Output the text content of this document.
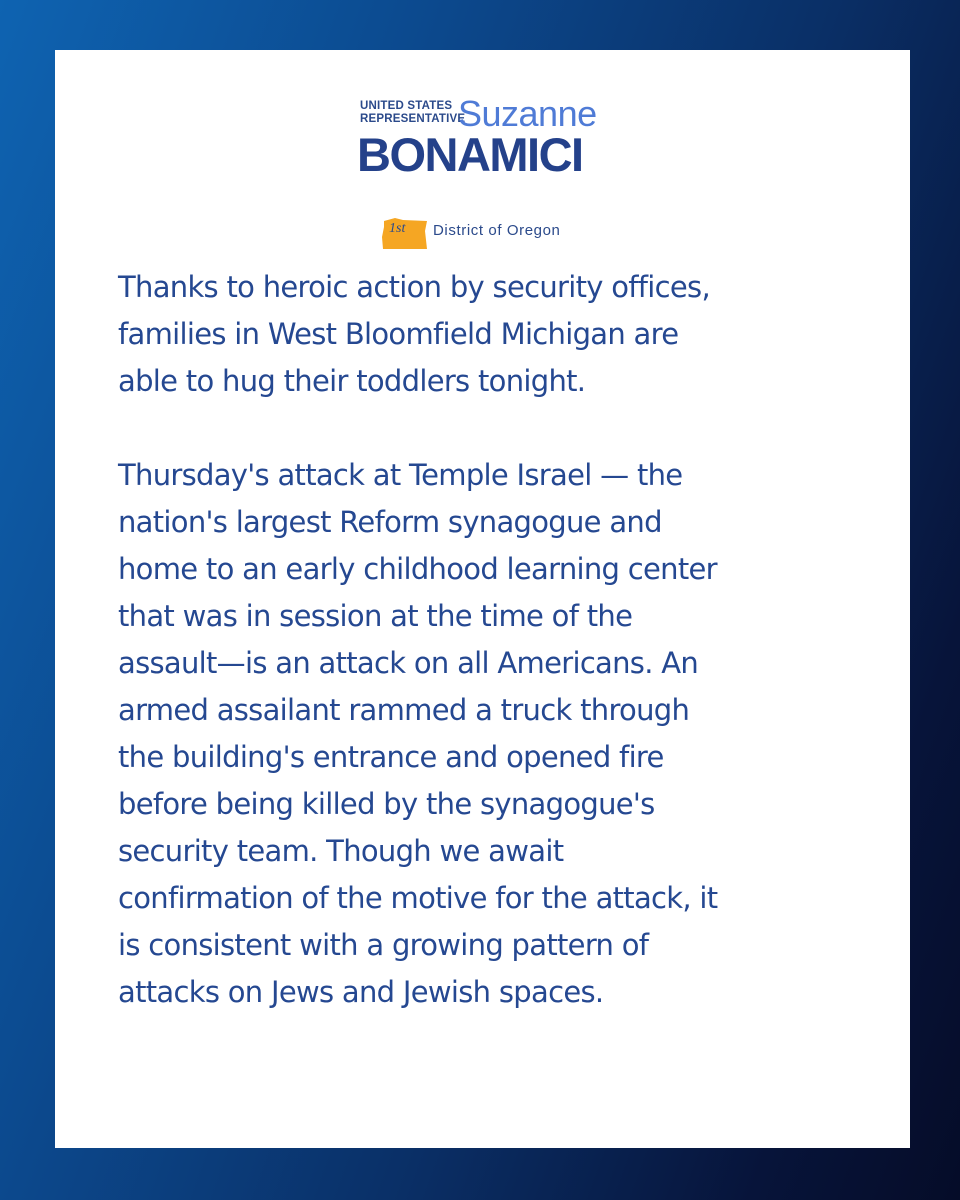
UNITED STATES
REPRESENTATIVE
Suzanne
BONAMICI
1st District of Oregon

Thanks to heroic action by security offices,
families in West Bloomfield Michigan are
able to hug their toddlers tonight.

Thursday's attack at Temple Israel — the
nation's largest Reform synagogue and
home to an early childhood learning center
that was in session at the time of the
assault—is an attack on all Americans. An
armed assailant rammed a truck through
the building's entrance and opened fire
before being killed by the synagogue's
security team. Though we await
confirmation of the motive for the attack, it
is consistent with a growing pattern of
attacks on Jews and Jewish spaces.
